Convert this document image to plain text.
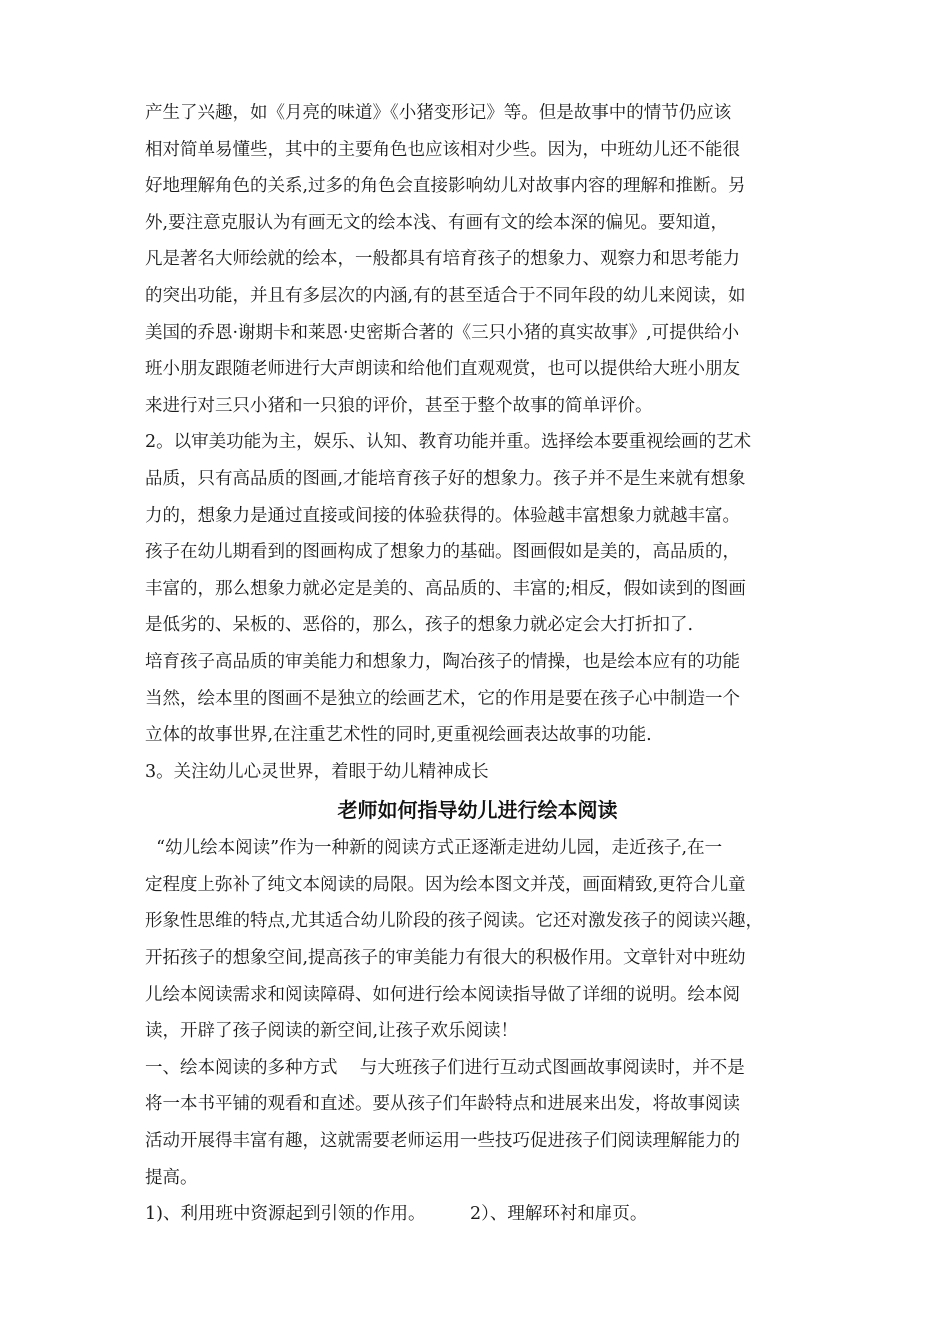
产生了兴趣，如《月亮的味道》《小猪变形记》等。但是故事中的情节仍应该
相对简单易懂些，其中的主要角色也应该相对少些。因为，中班幼儿还不能很
好地理解角色的关系,过多的角色会直接影响幼儿对故事内容的理解和推断。另
外,要注意克服认为有画无文的绘本浅、有画有文的绘本深的偏见。要知道，
凡是著名大师绘就的绘本，一般都具有培育孩子的想象力、观察力和思考能力
的突出功能，并且有多层次的内涵,有的甚至适合于不同年段的幼儿来阅读，如
美国的乔恩·谢期卡和莱恩·史密斯合著的《三只小猪的真实故事》,可提供给小
班小朋友跟随老师进行大声朗读和给他们直观观赏，也可以提供给大班小朋友
来进行对三只小猪和一只狼的评价，甚至于整个故事的简单评价。
2。以审美功能为主，娱乐、认知、教育功能并重。选择绘本要重视绘画的艺术
品质，只有高品质的图画,才能培育孩子好的想象力。孩子并不是生来就有想象
力的，想象力是通过直接或间接的体验获得的。体验越丰富想象力就越丰富。
孩子在幼儿期看到的图画构成了想象力的基础。图画假如是美的，高品质的，
丰富的，那么想象力就必定是美的、高品质的、丰富的;相反，假如读到的图画
是低劣的、呆板的、恶俗的，那么，孩子的想象力就必定会大打折扣了.
培育孩子高品质的审美能力和想象力，陶冶孩子的情操，也是绘本应有的功能
当然，绘本里的图画不是独立的绘画艺术，它的作用是要在孩子心中制造一个
立体的故事世界,在注重艺术性的同时,更重视绘画表达故事的功能.
3。关注幼儿心灵世界，着眼于幼儿精神成长
老师如何指导幼儿进行绘本阅读
“幼儿绘本阅读”作为一种新的阅读方式正逐渐走进幼儿园，走近孩子,在一
定程度上弥补了纯文本阅读的局限。因为绘本图文并茂，画面精致,更符合儿童
形象性思维的特点,尤其适合幼儿阶段的孩子阅读。它还对激发孩子的阅读兴趣，
开拓孩子的想象空间,提高孩子的审美能力有很大的积极作用。文章针对中班幼
儿绘本阅读需求和阅读障碍、如何进行绘本阅读指导做了详细的说明。绘本阅
读，开辟了孩子阅读的新空间,让孩子欢乐阅读！
一、绘本阅读的多种方式    与大班孩子们进行互动式图画故事阅读时，并不是
将一本书平铺的观看和直述。要从孩子们年龄特点和进展来出发，将故事阅读
活动开展得丰富有趣，这就需要老师运用一些技巧促进孩子们阅读理解能力的
提高。
1)、利用班中资源起到引领的作用。        2）、理解环衬和扉页。
